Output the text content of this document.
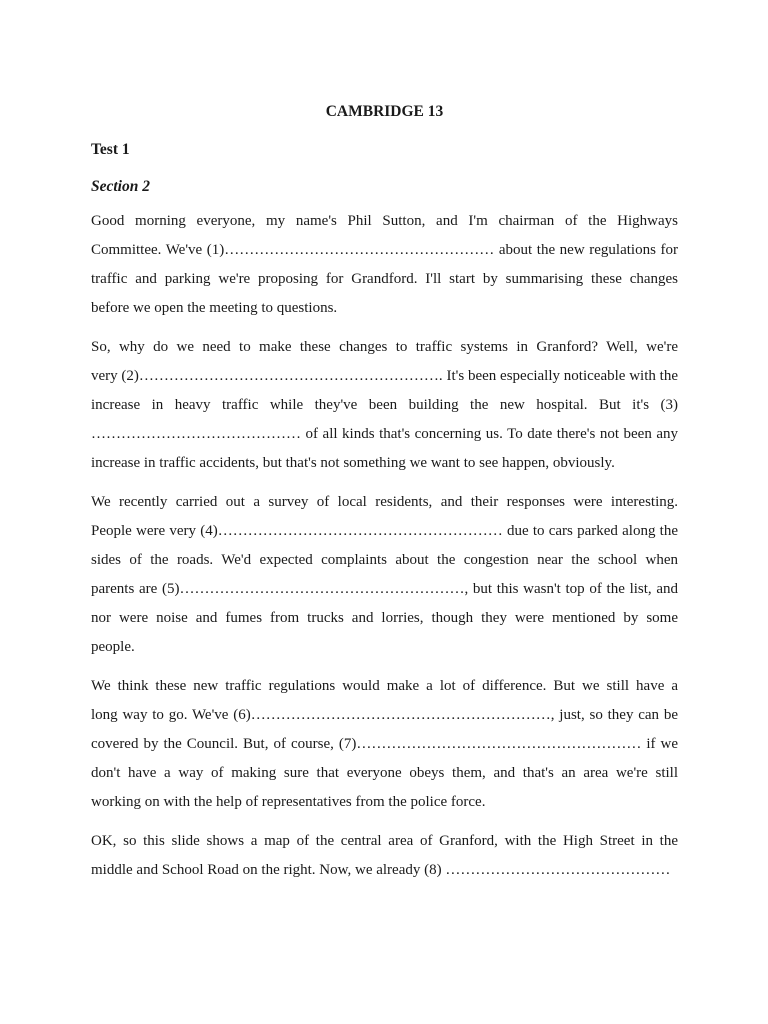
CAMBRIDGE 13
Test 1
Section 2
Good morning everyone, my name's Phil Sutton, and I'm chairman of the Highways
Committee. We've (1)……………………………………………… about the new regulations for
traffic and parking we're proposing for Grandford. I'll start by summarising these changes
before we open the meeting to questions.
So, why do we need to make these changes to traffic systems in Granford? Well, we're
very (2)……………………………………………………. It's been especially noticeable with the
increase in heavy traffic while they've been building the new hospital. But it's (3)
…………………………………… of all kinds that's concerning us. To date there's not been any
increase in traffic accidents, but that's not something we want to see happen, obviously.
We recently carried out a survey of local residents, and their responses were interesting.
People were very (4)………………………………………………… due to cars parked along the
sides of the roads. We'd expected complaints about the congestion near the school when
parents are (5)…………………………………………………, but this wasn't top of the list, and
nor were noise and fumes from trucks and lorries, though they were mentioned by some
people.
We think these new traffic regulations would make a lot of difference. But we still have a
long way to go. We've (6)……………………………………………………, just, so they can be
covered by the Council. But, of course, (7)………………………………………………… if we
don't have a way of making sure that everyone obeys them, and that's an area we're still
working on with the help of representatives from the police force.
OK, so this slide shows a map of the central area of Granford, with the High Street in the
middle and School Road on the right. Now, we already (8) ………………………………………
